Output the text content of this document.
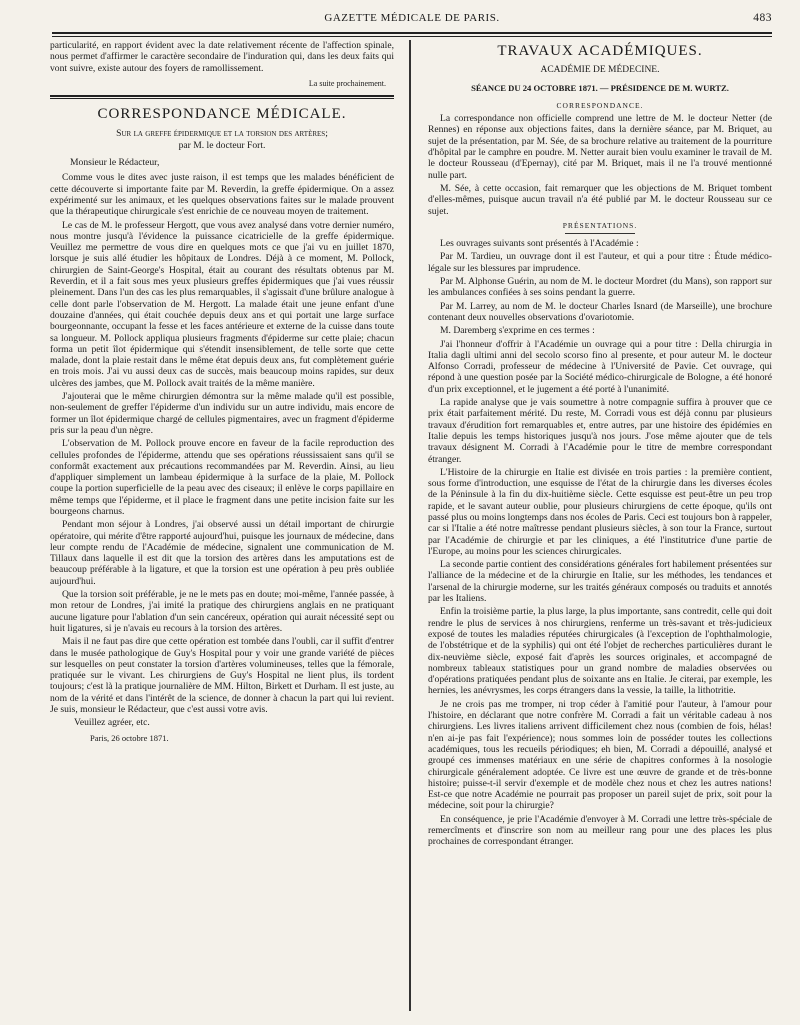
GAZETTE MÉDICALE DE PARIS.	483

particularité, en rapport évident avec la date relativement récente de l'affection spinale, nous permet d'affirmer le caractère secondaire de l'induration qui, dans les deux faits qui vont suivre, existe autour des foyers de ramollissement.

La suite prochainement.
CORRESPONDANCE MÉDICALE.
Sur la greffe épidermique et la torsion des artères;
par M. le docteur Fort.

Monsieur le Rédacteur,

Comme vous le dites avec juste raison, il est temps que les malades bénéficient de cette découverte si importante faite par M. Reverdin, la greffe épidermique. On a assez expérimenté sur les animaux, et les quelques observations faites sur le malade prouvent que la thérapeutique chirurgicale s'est enrichie de ce nouveau moyen de traitement.

Le cas de M. le professeur Hergott, que vous avez analysé dans votre dernier numéro, nous montre jusqu'à l'évidence la puissance cicatricielle de la greffe épidermique. Veuillez me permettre de vous dire en quelques mots ce que j'ai vu en juillet 1870, lorsque je suis allé étudier les hôpitaux de Londres. Déjà à ce moment, M. Pollock, chirurgien de Saint-George's Hospital, était au courant des résultats obtenus par M. Reverdin, et il a fait sous mes yeux plusieurs greffes épidermiques que j'ai vues réussir pleinement. Dans l'un des cas les plus remarquables, il s'agissait d'une brûlure analogue à celle dont parle l'observation de M. Hergott. La malade était une jeune enfant d'une douzaine d'années, qui était couchée depuis deux ans et qui portait une large surface bourgeonnante, occupant la fesse et les faces antérieure et externe de la cuisse dans toute sa longueur. M. Pollock appliqua plusieurs fragments d'épiderme sur cette plaie; chacun forma un petit îlot épidermique qui s'étendit insensiblement, de telle sorte que cette malade, dont la plaie restait dans le même état depuis deux ans, fut complètement guérie en trois mois. J'ai vu aussi deux cas de succès, mais beaucoup moins rapides, sur deux ulcères des jambes, que M. Pollock avait traités de la même manière.

J'ajouterai que le même chirurgien démontra sur la même malade qu'il est possible, non-seulement de greffer l'épiderme d'un individu sur un autre individu, mais encore de former un îlot épidermique chargé de cellules pigmentaires, avec un fragment d'épiderme pris sur la peau d'un nègre.

L'observation de M. Pollock prouve encore en faveur de la facile reproduction des cellules profondes de l'épiderme, attendu que ses opérations réussissaient sans qu'il se conformât exactement aux précautions recommandées par M. Reverdin. Ainsi, au lieu d'appliquer simplement un lambeau épidermique à la surface de la plaie, M. Pollock coupe la portion superficielle de la peau avec des ciseaux; il enlève le corps papillaire en même temps que l'épiderme, et il place le fragment dans une petite incision faite sur les bourgeons charnus.

Pendant mon séjour à Londres, j'ai observé aussi un détail important de chirurgie opératoire, qui mérite d'être rapporté aujourd'hui, puisque les journaux de médecine, dans leur compte rendu de l'Académie de médecine, signalent une communication de M. Tillaux dans laquelle il est dit que la torsion des artères dans les amputations est de beaucoup préférable à la ligature, et que la torsion est une opération à peu près oubliée aujourd'hui.

Que la torsion soit préférable, je ne le mets pas en doute; moi-même, l'année passée, à mon retour de Londres, j'ai imité la pratique des chirurgiens anglais en ne pratiquant aucune ligature pour l'ablation d'un sein cancéreux, opération qui aurait nécessité sept ou huit ligatures, si je n'avais eu recours à la torsion des artères.

Mais il ne faut pas dire que cette opération est tombée dans l'oubli, car il suffit d'entrer dans le musée pathologique de Guy's Hospital pour y voir une grande variété de pièces sur lesquelles on peut constater la torsion d'artères volumineuses, telles que la fémorale, pratiquée sur le vivant. Les chirurgiens de Guy's Hospital ne lient plus, ils tordent toujours; c'est là la pratique journalière de MM. Hilton, Birkett et Durham. Il est juste, au nom de la vérité et dans l'intérêt de la science, de donner à chacun la part qui lui revient. Je suis, monsieur le Rédacteur, que c'est aussi votre avis.

Veuillez agréer, etc.

Paris, 26 octobre 1871.

TRAVAUX ACADÉMIQUES.
ACADÉMIE DE MÉDECINE.
SÉANCE DU 24 OCTOBRE 1871. — PRÉSIDENCE DE M. WURTZ.
CORRESPONDANCE.

La correspondance non officielle comprend une lettre de M. le docteur Netter (de Rennes) en réponse aux objections faites, dans la dernière séance, par M. Briquet, au sujet de la présentation, par M. Sée, de sa brochure relative au traitement de la pourriture d'hôpital par le camphre en poudre. M. Netter aurait bien voulu examiner le travail de M. le docteur Rousseau (d'Epernay), cité par M. Briquet, mais il ne l'a trouvé mentionné nulle part.

M. Sée, à cette occasion, fait remarquer que les objections de M. Briquet tombent d'elles-mêmes, puisque aucun travail n'a été publié par M. le docteur Rousseau sur ce sujet.

PRÉSENTATIONS.

Les ouvrages suivants sont présentés à l'Académie :

Par M. Tardieu, un ouvrage dont il est l'auteur, et qui a pour titre : Étude médico-légale sur les blessures par imprudence.

Par M. Alphonse Guérin, au nom de M. le docteur Mordret (du Mans), son rapport sur les ambulances confiées à ses soins pendant la guerre.

Par M. Larrey, au nom de M. le docteur Charles Isnard (de Marseille), une brochure contenant deux nouvelles observations d'ovariotomie.

M. Daremberg s'exprime en ces termes :

J'ai l'honneur d'offrir à l'Académie un ouvrage qui a pour titre : Della chirurgia in Italia dagli ultimi anni del secolo scorso fino al presente, et pour auteur M. le docteur Alfonso Corradi, professeur de médecine à l'Université de Pavie. Cet ouvrage, qui répond à une question posée par la Société médico-chirurgicale de Bologne, a été honoré d'un prix exceptionnel, et le jugement a été porté à l'unanimité.

La rapide analyse que je vais soumettre à notre compagnie suffira à prouver que ce prix était parfaitement mérité. Du reste, M. Corradi vous est déjà connu par plusieurs travaux d'érudition fort remarquables et, entre autres, par une histoire des épidémies en Italie depuis les temps historiques jusqu'à nos jours. J'ose même ajouter que de tels travaux désignent M. Corradi à l'Académie pour le titre de membre correspondant étranger.

L'Histoire de la chirurgie en Italie est divisée en trois parties : la première contient, sous forme d'introduction, une esquisse de l'état de la chirurgie dans les diverses écoles de la Péninsule à la fin du dix-huitième siècle. Cette esquisse est peut-être un peu trop rapide, et le savant auteur oublie, pour plusieurs chirurgiens de cette époque, qu'ils ont passé plus ou moins longtemps dans nos écoles de Paris. Ceci est toujours bon à rappeler, car si l'Italie a été notre maîtresse pendant plusieurs siècles, à son tour la France, surtout par l'Académie de chirurgie et par les cliniques, a été l'institutrice d'une partie de l'Europe, au moins pour les sciences chirurgicales.

La seconde partie contient des considérations générales fort habilement présentées sur l'alliance de la médecine et de la chirurgie en Italie, sur les méthodes, les tendances et l'arsenal de la chirurgie moderne, sur les traités généraux composés ou traduits et annotés par les Italiens.

Enfin la troisième partie, la plus large, la plus importante, sans contredit, celle qui doit rendre le plus de services à nos chirurgiens, renferme un très-savant et très-judicieux exposé de toutes les maladies réputées chirurgicales (à l'exception de l'ophthalmologie, de l'obstétrique et de la syphilis) qui ont été l'objet de recherches particulières durant le dix-neuvième siècle, exposé fait d'après les sources originales, et accompagné de nombreux tableaux statistiques pour un grand nombre de maladies observées ou d'opérations pratiquées pendant plus de soixante ans en Italie. Je citerai, par exemple, les hernies, les anévrysmes, les corps étrangers dans la vessie, la taille, la lithotritie.

Je ne crois pas me tromper, ni trop céder à l'amitié pour l'auteur, à l'amour pour l'histoire, en déclarant que notre confrère M. Corradi a fait un véritable cadeau à nos chirurgiens. Les livres italiens arrivent difficilement chez nous (combien de fois, hélas! n'en ai-je pas fait l'expérience); nous sommes loin de posséder toutes les collections académiques, tous les recueils périodiques; eh bien, M. Corradi a dépouillé, analysé et groupé ces immenses matériaux en une série de chapitres conformes à la nosologie chirurgicale généralement adoptée. Ce livre est une œuvre de grande et de très-bonne histoire; puisse-t-il servir d'exemple et de modèle chez nous et chez les autres nations! Est-ce que notre Académie ne pourrait pas proposer un pareil sujet de prix, soit pour la médecine, soit pour la chirurgie?

En conséquence, je prie l'Académie d'envoyer à M. Corradi une lettre très-spéciale de remercîments et d'inscrire son nom au meilleur rang pour une des places les plus prochaines de correspondant étranger.
